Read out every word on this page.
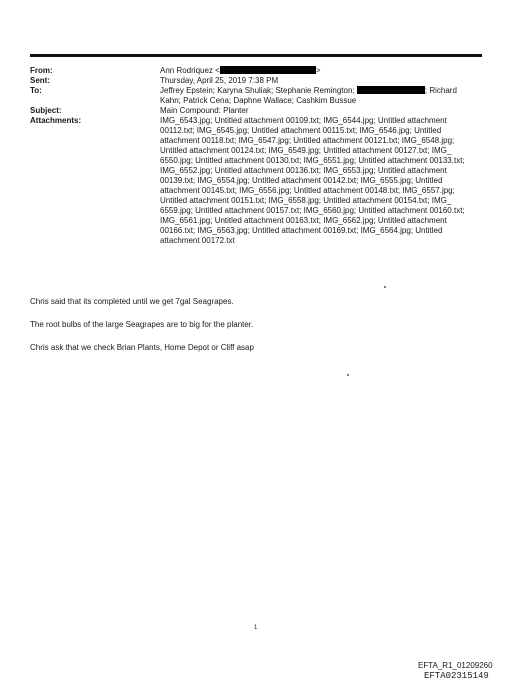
From:	Ann Rodriquez <	>
Sent:	Thursday, April 25, 2019 7:38 PM
To:	Jeffrey Epstein; Karyna Shuliak; Stephanie Remington;	; Richard
Kahn; Patrick Cena; Daphne Wallace; Cashkim Bussue
Subject:	Main Compound: Planter
Attachments:	IMG_6543.jpg; Untitled attachment 00109.txt; IMG_6544.jpg; Untitled attachment
00112.txt; IMG_6545.jpg; Untitled attachment 00115.txt; IMG_6546.jpg; Untitled
attachment 00118.txt; IMG_6547.jpg; Untitled attachment 00121.txt; IMG_6548.jpg;
Untitled attachment 00124.txt; IMG_6549.jpg; Untitled attachment 00127.txt; IMG_
6550.jpg; Untitled attachment 00130.txt; IMG_6551.jpg; Untitled attachment 00133.txt;
IMG_6552.jpg; Untitled attachment 00136.txt; IMG_6553.jpg; Untitled attachment
00139.txt; IMG_6554.jpg; Untitled attachment 00142.txt; IMG_6555.jpg; Untitled
attachment 00145.txt; IMG_6556.jpg; Untitled attachment 00148.txt; IMG_6557.jpg;
Untitled attachment 00151.txt; IMG_6558.jpg; Untitled attachment 00154.txt; IMG_
6559.jpg; Untitled attachment 00157.txt; IMG_6560.jpg; Untitled attachment 00160.txt;
IMG_6561.jpg; Untitled attachment 00163.txt; IMG_6562.jpg; Untitled attachment
00166.txt; IMG_6563.jpg; Untitled attachment 00169.txt; IMG_6564.jpg; Untitled
attachment 00172.txt
Chris said that its completed until we get 7gal Seagrapes.
The root bulbs of the large Seagrapes are to big for the planter.
Chris ask that we check Brian Plants, Home Depot or Cliff asap
1
EFTA_R1_01209260
EFTA02315149
